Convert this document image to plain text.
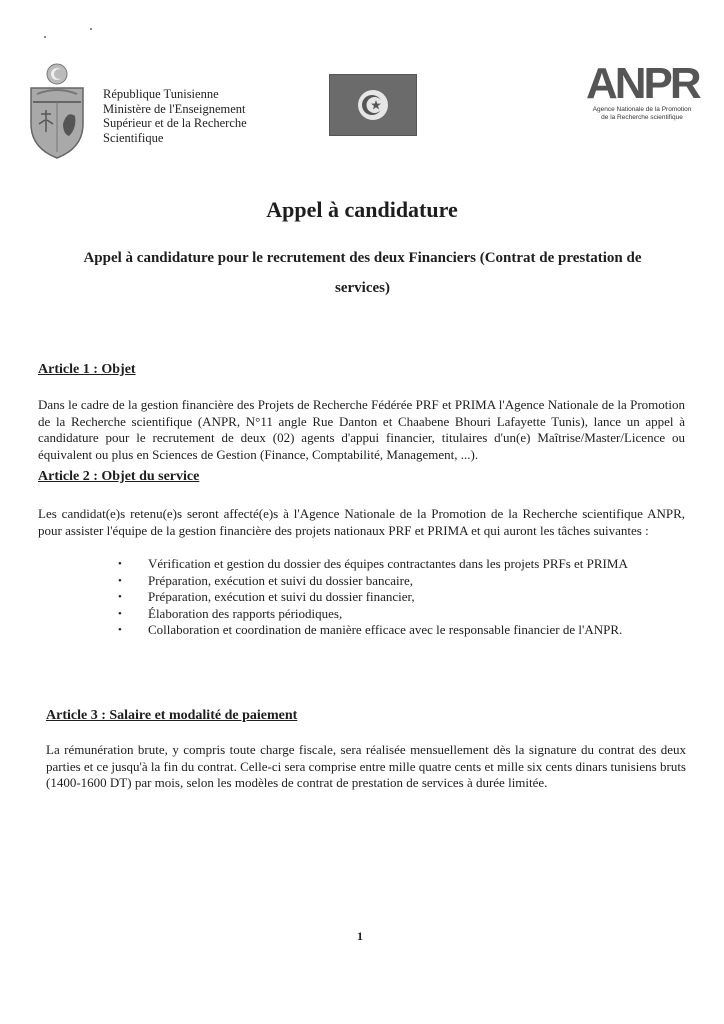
République Tunisienne
Ministère de l'Enseignement
Supérieur et de la Recherche
Scientifique
ANPR
Agence Nationale de la Promotion
de la Recherche scientifique
Appel à candidature
Appel à candidature pour le recrutement des deux Financiers (Contrat de prestation de
services)
Article 1 : Objet
Dans le cadre de la gestion financière des Projets de Recherche Fédérée PRF et PRIMA l'Agence Nationale de la Promotion de la Recherche scientifique (ANPR, N°11 angle Rue Danton et Chaabene Bhouri Lafayette Tunis), lance un appel à candidature pour le recrutement de deux (02) agents d'appui financier, titulaires d'un(e) Maîtrise/Master/Licence ou équivalent ou plus en Sciences de Gestion (Finance, Comptabilité, Management, ...).
Article 2 : Objet du service
Les candidat(e)s retenu(e)s seront affecté(e)s à l'Agence Nationale de la Promotion de la Recherche scientifique ANPR, pour assister l'équipe de la gestion financière des projets nationaux PRF et PRIMA et qui auront les tâches suivantes :
• Vérification et gestion du dossier des équipes contractantes dans les projets PRFs et PRIMA
• Préparation, exécution et suivi du dossier bancaire,
• Préparation, exécution et suivi du dossier financier,
• Élaboration des rapports périodiques,
• Collaboration et coordination de manière efficace avec le responsable financier de l'ANPR.
Article 3 : Salaire et modalité de paiement
La rémunération brute, y compris toute charge fiscale, sera réalisée mensuellement dès la signature du contrat des deux parties et ce jusqu'à la fin du contrat. Celle-ci sera comprise entre mille quatre cents et mille six cents dinars tunisiens bruts (1400-1600 DT) par mois, selon les modèles de contrat de prestation de services à durée limitée.
1
